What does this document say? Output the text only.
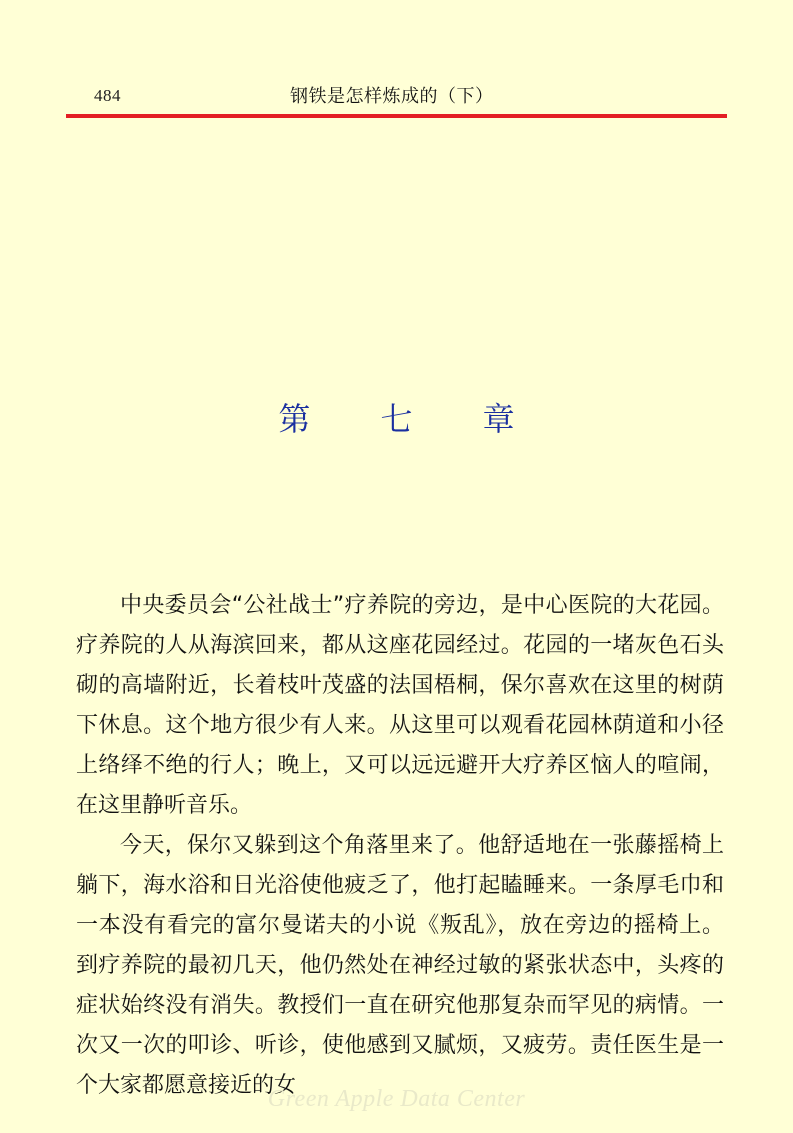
484	钢铁是怎样炼成的（下）
第 七 章

中央委员会“公社战士”疗养院的旁边，是中心医院的大花园。疗养院的人从海滨回来，都从这座花园经过。花园的一堵灰色石头砌的高墙附近，长着枝叶茂盛的法国梧桐，保尔喜欢在这里的树荫下休息。这个地方很少有人来。从这里可以观看花园林荫道和小径上络绎不绝的行人；晚上，又可以远远避开大疗养区恼人的喧闹，在这里静听音乐。

今天，保尔又躲到这个角落里来了。他舒适地在一张藤摇椅上躺下，海水浴和日光浴使他疲乏了，他打起瞌睡来。一条厚毛巾和一本没有看完的富尔曼诺夫的小说《叛乱》，放在旁边的摇椅上。到疗养院的最初几天，他仍然处在神经过敏的紧张状态中，头疼的症状始终没有消失。教授们一直在研究他那复杂而罕见的病情。一次又一次的叩诊、听诊，使他感到又腻烦，又疲劳。责任医生是一个大家都愿意接近的女

Green Apple Data Center
